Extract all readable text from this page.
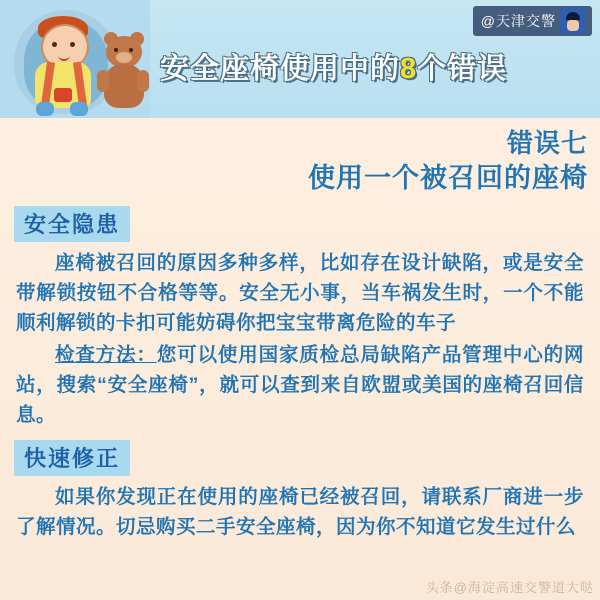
@天津交警
安全座椅使用中的8个错误
错误七
使用一个被召回的座椅
安全隐患
座椅被召回的原因多种多样，比如存在设计缺陷，或是安全带解锁按钮不合格等等。安全无小事，当车祸发生时，一个不能顺利解锁的卡扣可能妨碍你把宝宝带离危险的车子
检查方法：您可以使用国家质检总局缺陷产品管理中心的网站，搜索“安全座椅”，就可以查到来自欧盟或美国的座椅召回信息。
快速修正
如果你发现正在使用的座椅已经被召回，请联系厂商进一步了解情况。切忌购买二手安全座椅，因为你不知道它发生过什么
头条@海淀高速交警道大哒
